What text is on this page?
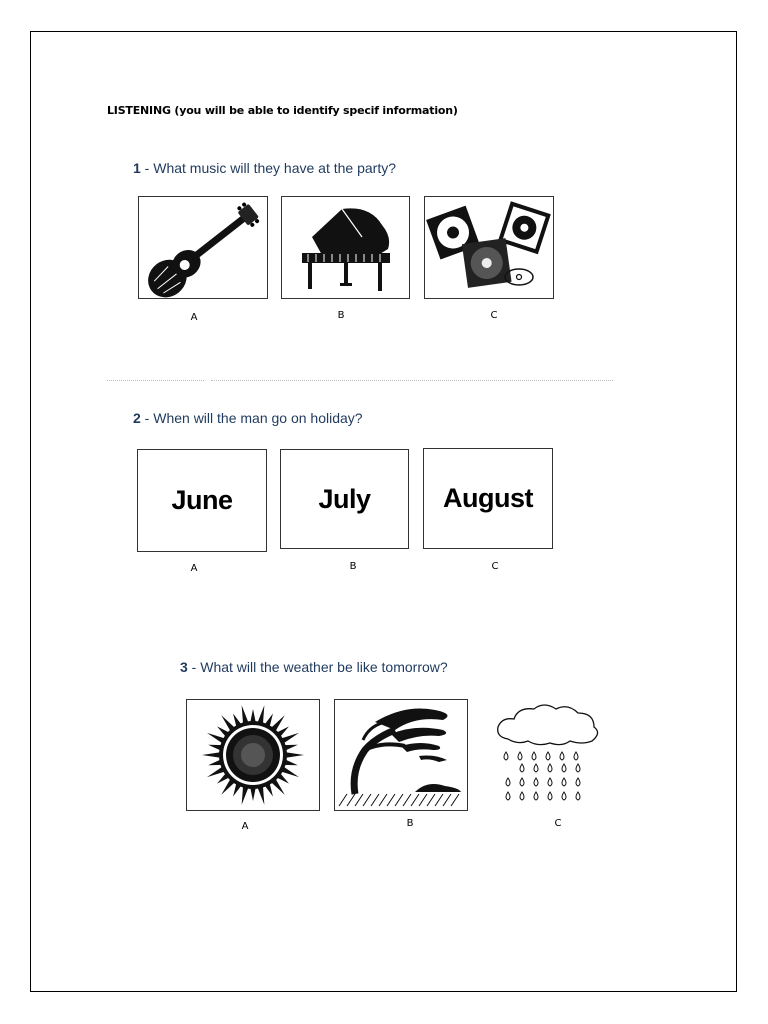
LISTENING (you will be able to identify specif information)
1 - What music will they have at the party?
A	B	C
2 - When will the man go on holiday?
June	July	August
A	B	C
3 - What will the weather be like tomorrow?
A	B	C
